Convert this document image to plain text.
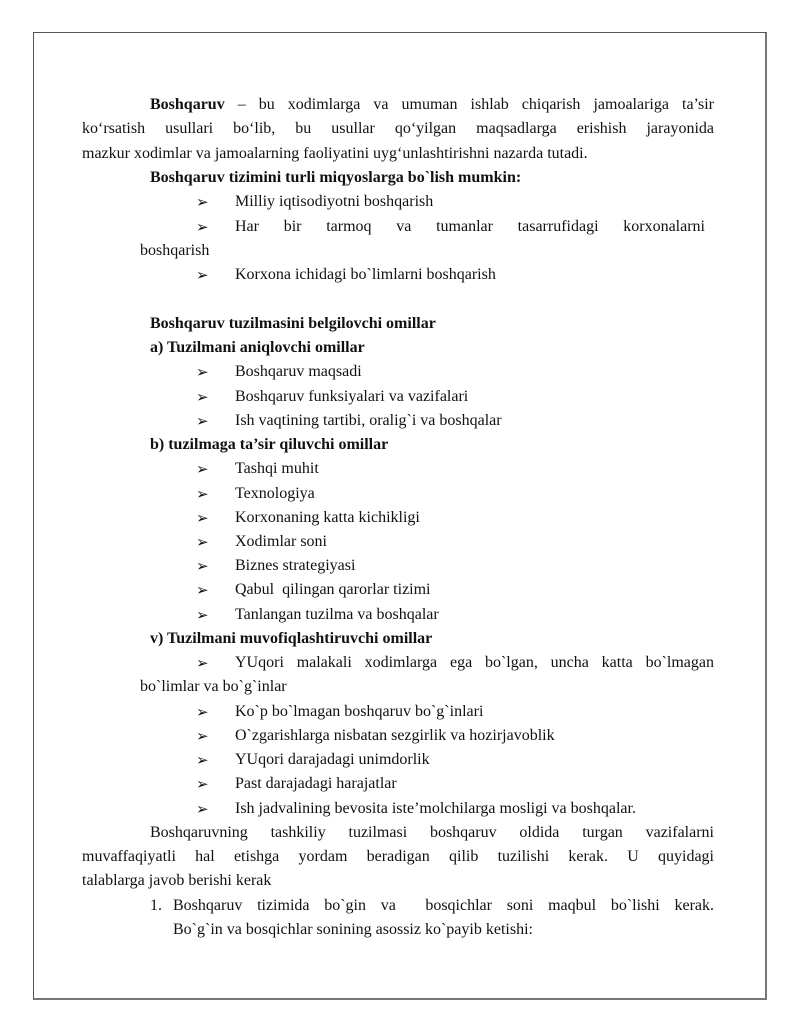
Boshqaruv – bu xodimlarga va umuman ishlab chiqarish jamoalariga ta’sir
ko‘rsatish usullari bo‘lib, bu usullar qo‘yilgan maqsadlarga erishish jarayonida
mazkur xodimlar va jamoalarning faoliyatini uyg‘unlashtirishni nazarda tutadi.
Boshqaruv tizimini turli miqyoslarga bo`lish mumkin:
➢ Milliy iqtisodiyotni boshqarish
➢ Har bir tarmoq va tumanlar tasarrufidagi korxonalarni
boshqarish
➢ Korxona ichidagi bo`limlarni boshqarish
Boshqaruv tuzilmasini belgilovchi omillar
a) Tuzilmani aniqlovchi omillar
➢ Boshqaruv maqsadi
➢ Boshqaruv funksiyalari va vazifalari
➢ Ish vaqtining tartibi, oralig`i va boshqalar
b) tuzilmaga ta’sir qiluvchi omillar
➢ Tashqi muhit
➢ Texnologiya
➢ Korxonaning katta kichikligi
➢ Xodimlar soni
➢ Biznes strategiyasi
➢ Qabul  qilingan qarorlar tizimi
➢ Tanlangan tuzilma va boshqalar
v) Tuzilmani muvofiqlashtiruvchi omillar
➢ YUqori malakali xodimlarga ega bo`lgan, uncha katta bo`lmagan
bo`limlar va bo`g`inlar
➢ Ko`p bo`lmagan boshqaruv bo`g`inlari
➢ O`zgarishlarga nisbatan sezgirlik va hozirjavoblik
➢ YUqori darajadagi unimdorlik
➢ Past darajadagi harajatlar
➢ Ish jadvalining bevosita iste’molchilarga mosligi va boshqalar.
Boshqaruvning tashkiliy tuzilmasi boshqaruv oldida turgan vazifalarni
muvaffaqiyatli hal etishga yordam beradigan qilib tuzilishi kerak. U quyidagi
talablarga javob berishi kerak
1. Boshqaruv tizimida bo`gin va  bosqichlar soni maqbul bo`lishi kerak.
Bo`g`in va bosqichlar sonining asossiz ko`payib ketishi:
